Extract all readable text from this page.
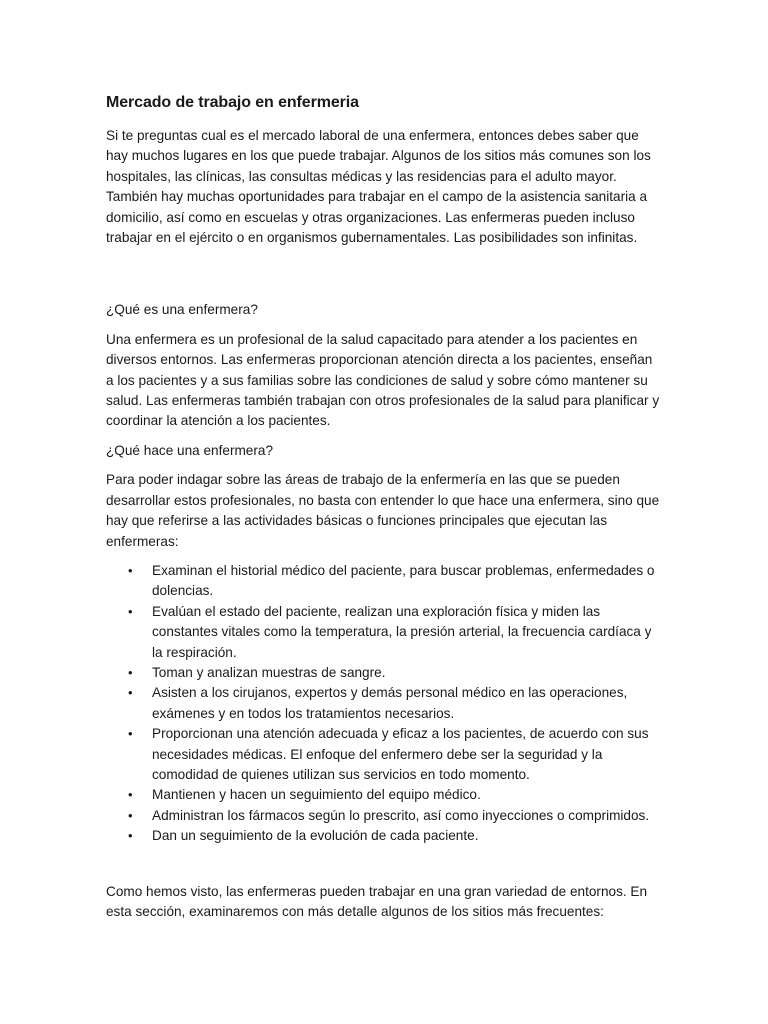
Mercado de trabajo en enfermeria

Si te preguntas cual es el mercado laboral de una enfermera, entonces debes saber que hay muchos lugares en los que puede trabajar. Algunos de los sitios más comunes son los hospitales, las clínicas, las consultas médicas y las residencias para el adulto mayor. También hay muchas oportunidades para trabajar en el campo de la asistencia sanitaria a domicilio, así como en escuelas y otras organizaciones. Las enfermeras pueden incluso trabajar en el ejército o en organismos gubernamentales. Las posibilidades son infinitas.

¿Qué es una enfermera?

Una enfermera es un profesional de la salud capacitado para atender a los pacientes en diversos entornos. Las enfermeras proporcionan atención directa a los pacientes, enseñan a los pacientes y a sus familias sobre las condiciones de salud y sobre cómo mantener su salud. Las enfermeras también trabajan con otros profesionales de la salud para planificar y coordinar la atención a los pacientes.

¿Qué hace una enfermera?

Para poder indagar sobre las áreas de trabajo de la enfermería en las que se pueden desarrollar estos profesionales, no basta con entender lo que hace una enfermera, sino que hay que referirse a las actividades básicas o funciones principales que ejecutan las enfermeras:

• Examinan el historial médico del paciente, para buscar problemas, enfermedades o dolencias.
• Evalúan el estado del paciente, realizan una exploración física y miden las constantes vitales como la temperatura, la presión arterial, la frecuencia cardíaca y la respiración.
• Toman y analizan muestras de sangre.
• Asisten a los cirujanos, expertos y demás personal médico en las operaciones, exámenes y en todos los tratamientos necesarios.
• Proporcionan una atención adecuada y eficaz a los pacientes, de acuerdo con sus necesidades médicas. El enfoque del enfermero debe ser la seguridad y la comodidad de quienes utilizan sus servicios en todo momento.
• Mantienen y hacen un seguimiento del equipo médico.
• Administran los fármacos según lo prescrito, así como inyecciones o comprimidos.
• Dan un seguimiento de la evolución de cada paciente.

Como hemos visto, las enfermeras pueden trabajar en una gran variedad de entornos. En esta sección, examinaremos con más detalle algunos de los sitios más frecuentes:
